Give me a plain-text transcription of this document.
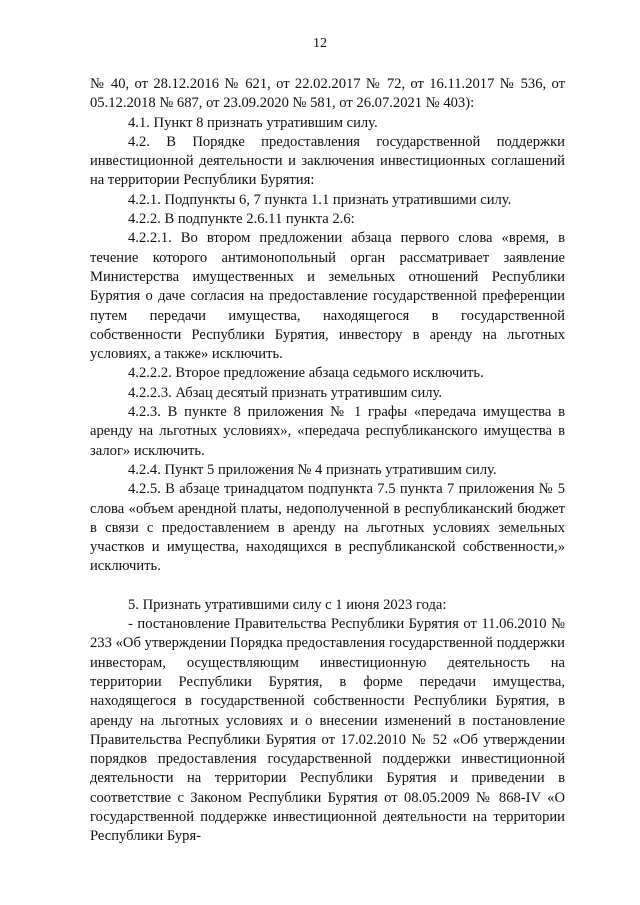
12

№ 40, от 28.12.2016 № 621, от 22.02.2017 № 72, от 16.11.2017 № 536, от 05.12.2018 № 687, от 23.09.2020 № 581, от 26.07.2021 № 403):

4.1. Пункт 8 признать утратившим силу.

4.2. В Порядке предоставления государственной поддержки инвестиционной деятельности и заключения инвестиционных соглашений на территории Республики Бурятия:

4.2.1. Подпункты 6, 7 пункта 1.1 признать утратившими силу.

4.2.2. В подпункте 2.6.11 пункта 2.6:

4.2.2.1. Во втором предложении абзаца первого слова «время, в течение которого антимонопольный орган рассматривает заявление Министерства имущественных и земельных отношений Республики Бурятия о даче согласия на предоставление государственной преференции путем передачи имущества, находящегося в государственной собственности Республики Бурятия, инвестору в аренду на льготных условиях, а также» исключить.

4.2.2.2. Второе предложение абзаца седьмого исключить.

4.2.2.3. Абзац десятый признать утратившим силу.

4.2.3. В пункте 8 приложения № 1 графы «передача имущества в аренду на льготных условиях», «передача республиканского имущества в залог» исключить.

4.2.4. Пункт 5 приложения № 4 признать утратившим силу.

4.2.5. В абзаце тринадцатом подпункта 7.5 пункта 7 приложения № 5 слова «объем арендной платы, недополученной в республиканский бюджет в связи с предоставлением в аренду на льготных условиях земельных участков и имущества, находящихся в республиканской собственности,» исключить.

5. Признать утратившими силу с 1 июня 2023 года:

- постановление Правительства Республики Бурятия от 11.06.2010 № 233 «Об утверждении Порядка предоставления государственной поддержки инвесторам, осуществляющим инвестиционную деятельность на территории Республики Бурятия, в форме передачи имущества, находящегося в государственной собственности Республики Бурятия, в аренду на льготных условиях и о внесении изменений в постановление Правительства Республики Бурятия от 17.02.2010 № 52 «Об утверждении порядков предоставления государственной поддержки инвестиционной деятельности на территории Республики Бурятия и приведении в соответствие с Законом Республики Бурятия от 08.05.2009 № 868-IV «О государственной поддержке инвестиционной деятельности на территории Республики Буря-
